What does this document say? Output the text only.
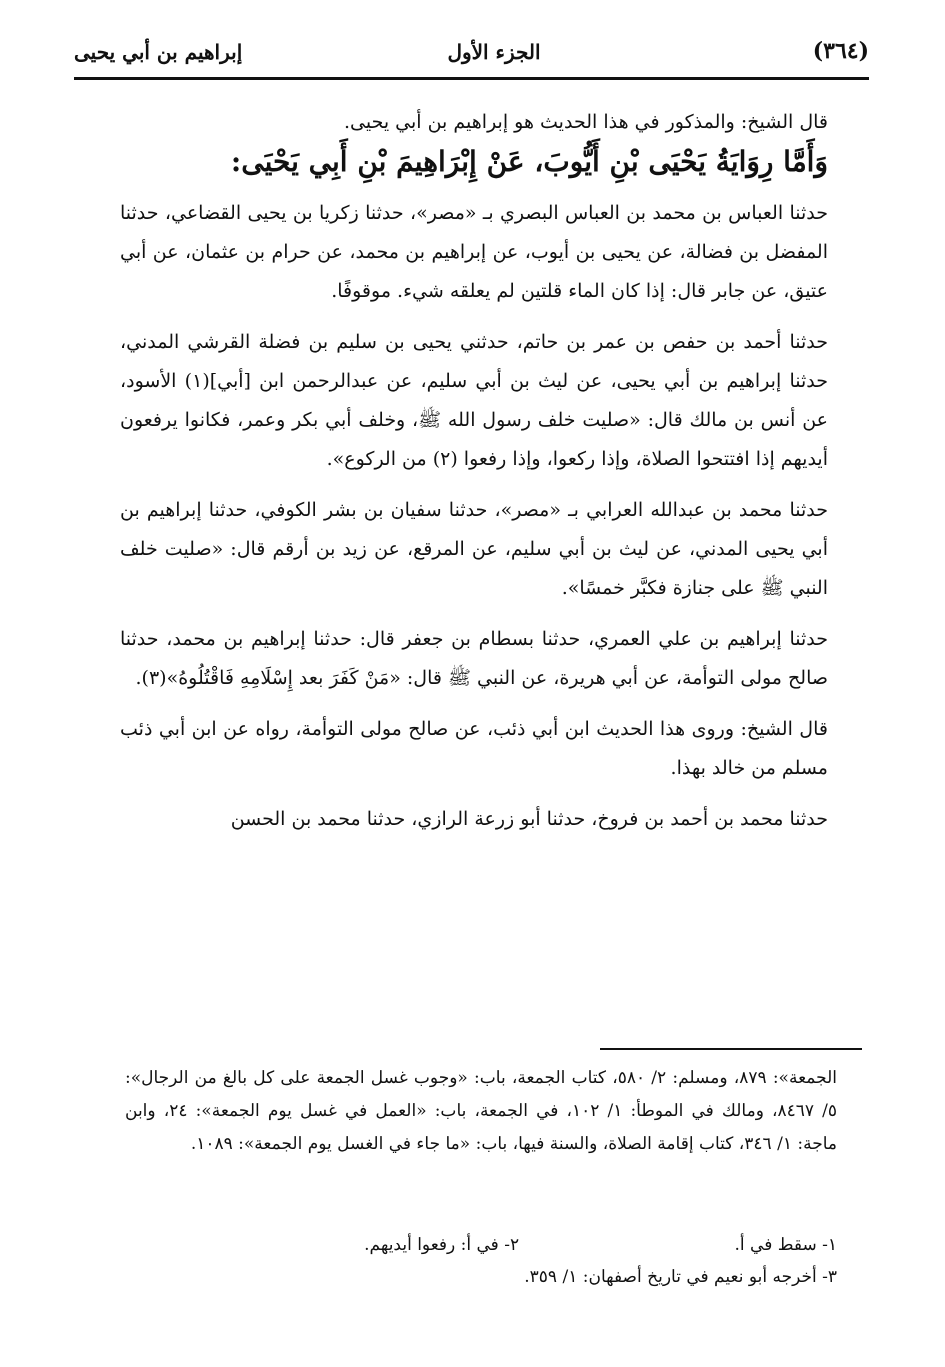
(٣٦٤)
الجزء الأول
إبراهيم بن أبي يحيى

قال الشيخ: والمذكور في هذا الحديث هو إبراهيم بن أبي يحيى.

وَأَمَّا رِوَايَةُ يَحْيَى بْنِ أَيُّوبَ، عَنْ إِبْرَاهِيمَ بْنِ أَبِي يَحْيَى:

حدثنا العباس بن محمد بن العباس البصري بـ «مصر»، حدثنا زكريا بن يحيى القضاعي، حدثنا المفضل بن فضالة، عن يحيى بن أيوب، عن إبراهيم بن محمد، عن حرام بن عثمان، عن أبي عتيق، عن جابر قال: إذا كان الماء قلتين لم يعلقه شيء. موقوفًا.

حدثنا أحمد بن حفص بن عمر بن حاتم، حدثني يحيى بن سليم بن فضلة القرشي المدني، حدثنا إبراهيم بن أبي يحيى، عن ليث بن أبي سليم، عن عبدالرحمن ابن [أبي](١) الأسود، عن أنس بن مالك قال: «صليت خلف رسول الله ﷺ، وخلف أبي بكر وعمر، فكانوا يرفعون أيديهم إذا افتتحوا الصلاة، وإذا ركعوا، وإذا رفعوا (٢) من الركوع».

حدثنا محمد بن عبدالله العرابي بـ «مصر»، حدثنا سفيان بن بشر الكوفي، حدثنا إبراهيم بن أبي يحيى المدني، عن ليث بن أبي سليم، عن المرقع، عن زيد بن أرقم قال: «صليت خلف النبي ﷺ على جنازة فكبَّر خمسًا».

حدثنا إبراهيم بن علي العمري، حدثنا بسطام بن جعفر قال: حدثنا إبراهيم بن محمد، حدثنا صالح مولى التوأمة، عن أبي هريرة، عن النبي ﷺ قال: «مَنْ كَفَرَ بعد إِسْلَامِهِ فَاقْتُلُوهُ»(٣).

قال الشيخ: وروى هذا الحديث ابن أبي ذئب، عن صالح مولى التوأمة، رواه عن ابن أبي ذئب مسلم من خالد بهذا.

حدثنا محمد بن أحمد بن فروخ، حدثنا أبو زرعة الرازي، حدثنا محمد بن الحسن

الجمعة»: ٨٧٩، ومسلم: ٢/ ٥٨٠، كتاب الجمعة، باب: «وجوب غسل الجمعة على كل بالغ من الرجال»: ٥/ ٨٤٦٧، ومالك في الموطأ: ١/ ١٠٢، في الجمعة، باب: «العمل في غسل يوم الجمعة»: ٢٤، وابن ماجة: ١/ ٣٤٦، كتاب إقامة الصلاة، والسنة فيها، باب: «ما جاء في الغسل يوم الجمعة»: ١٠٨٩.

١- سقط في أ. ٢- في أ: رفعوا أيديهم.
٣- أخرجه أبو نعيم في تاريخ أصفهان: ١/ ٣٥٩.
